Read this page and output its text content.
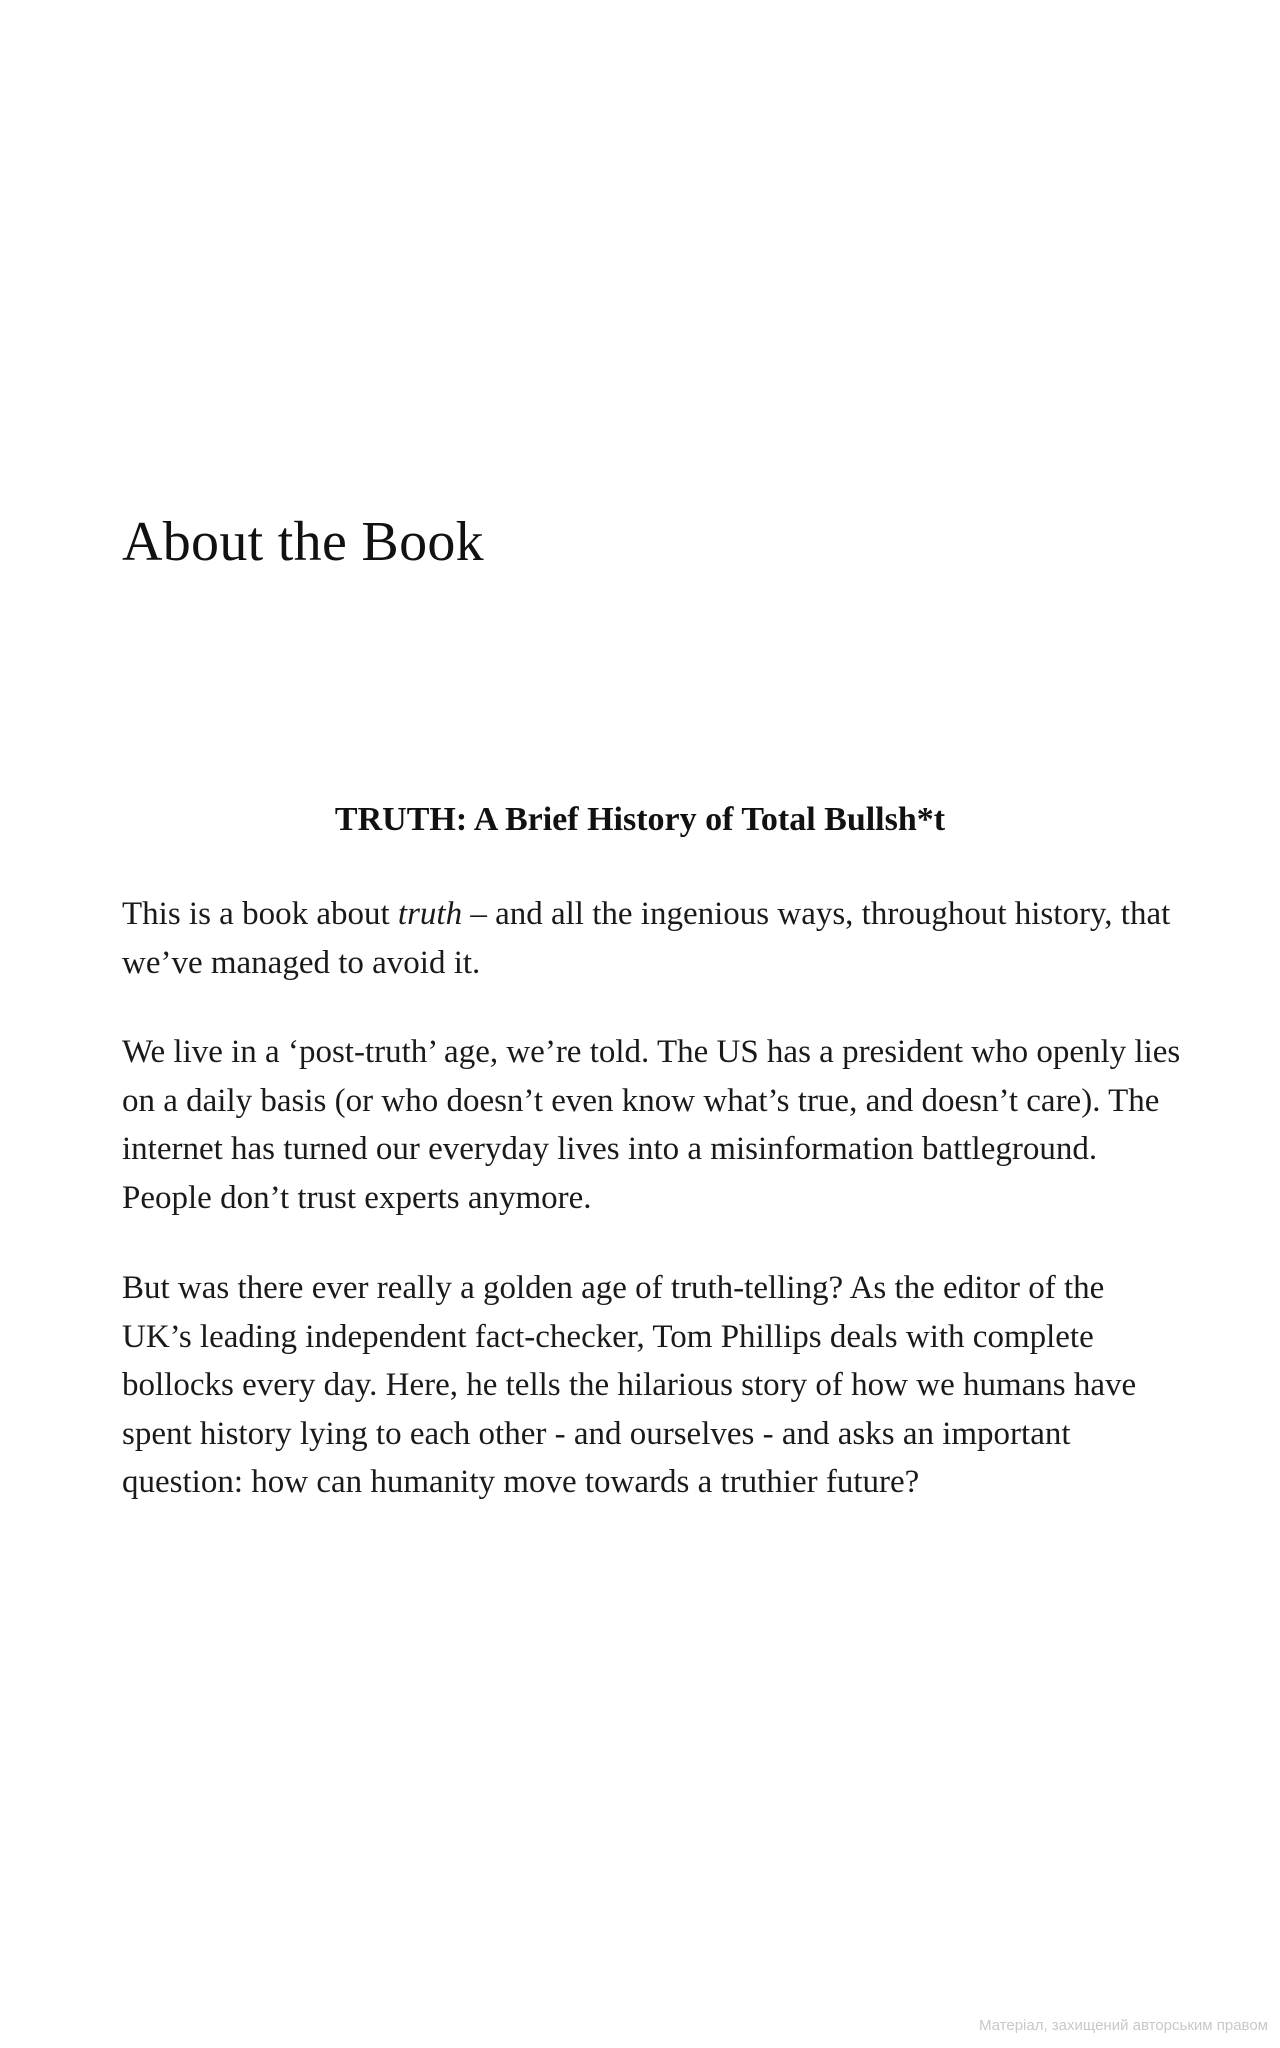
About the Book
TRUTH: A Brief History of Total Bullsh*t

This is a book about truth – and all the ingenious ways, throughout history, that we’ve managed to avoid it.

We live in a ‘post-truth’ age, we’re told. The US has a president who openly lies on a daily basis (or who doesn’t even know what’s true, and doesn’t care). The internet has turned our everyday lives into a misinformation battleground. People don’t trust experts anymore.

But was there ever really a golden age of truth-telling? As the editor of the UK’s leading independent fact-checker, Tom Phillips deals with complete bollocks every day. Here, he tells the hilarious story of how we humans have spent history lying to each other - and ourselves - and asks an important question: how can humanity move towards a truthier future?

Матеріал, захищений авторським правом
